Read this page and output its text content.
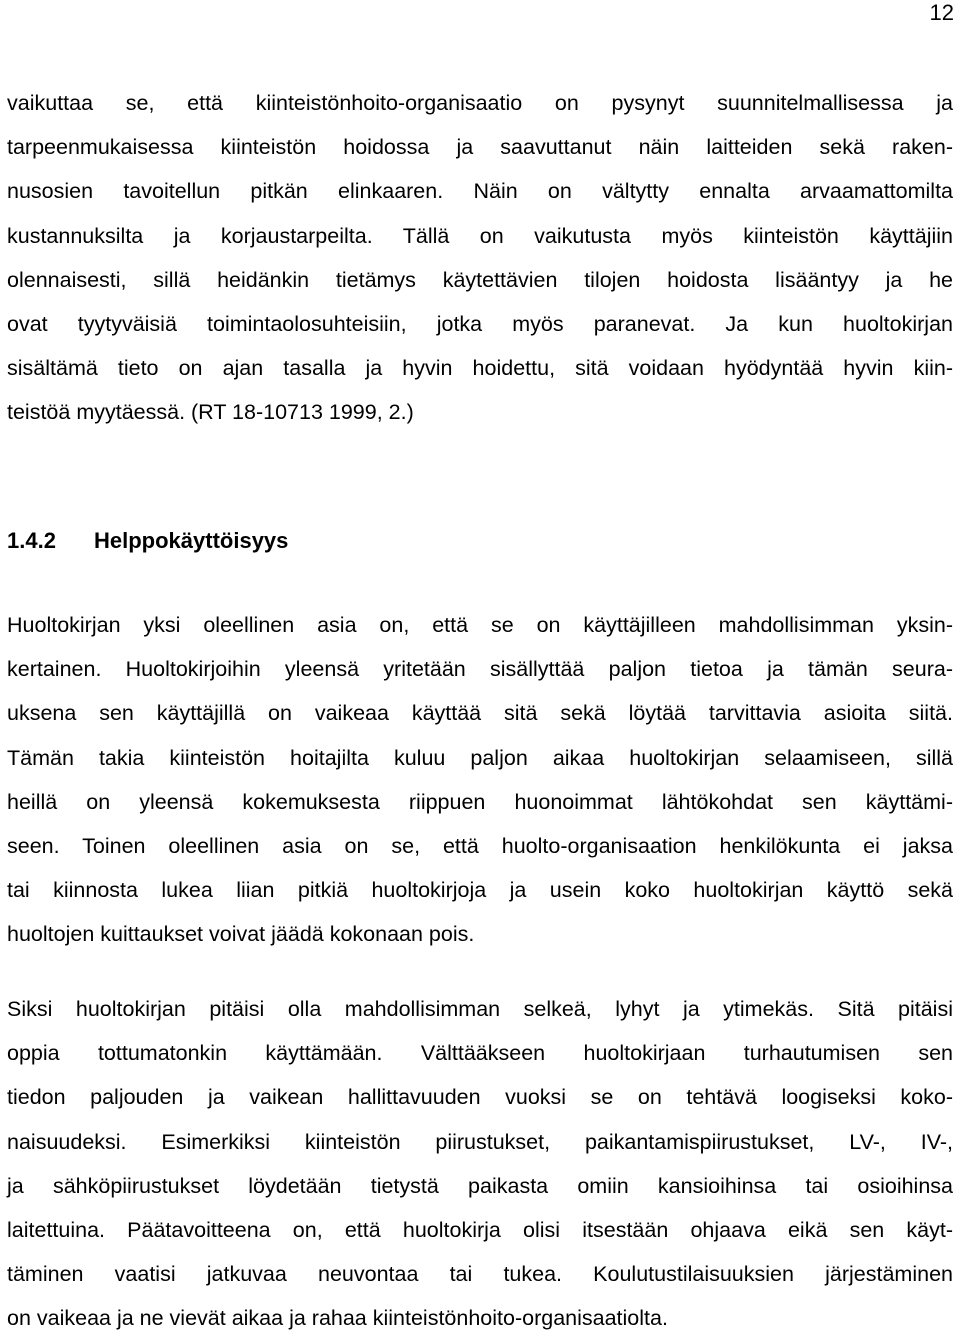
12
vaikuttaa se, että kiinteistönhoito-organisaatio on pysynyt suunnitelmallisessa ja
tarpeenmukaisessa kiinteistön hoidossa ja saavuttanut näin laitteiden sekä raken-
nusosien tavoitellun pitkän elinkaaren. Näin on vältytty ennalta arvaamattomilta
kustannuksilta ja korjaustarpeilta. Tällä on vaikutusta myös kiinteistön käyttäjiin
olennaisesti, sillä heidänkin tietämys käytettävien tilojen hoidosta lisääntyy ja he
ovat tyytyväisiä toimintaolosuhteisiin, jotka myös paranevat. Ja kun huoltokirjan
sisältämä tieto on ajan tasalla ja hyvin hoidettu, sitä voidaan hyödyntää hyvin kiin-
teistöä myytäessä. (RT 18-10713 1999, 2.)
1.4.2 Helppokäyttöisyys
Huoltokirjan yksi oleellinen asia on, että se on käyttäjilleen mahdollisimman yksin-
kertainen. Huoltokirjoihin yleensä yritetään sisällyttää paljon tietoa ja tämän seura-
uksena sen käyttäjillä on vaikeaa käyttää sitä sekä löytää tarvittavia asioita siitä.
Tämän takia kiinteistön hoitajilta kuluu paljon aikaa huoltokirjan selaamiseen, sillä
heillä on yleensä kokemuksesta riippuen huonoimmat lähtökohdat sen käyttämi-
seen. Toinen oleellinen asia on se, että huolto-organisaation henkilökunta ei jaksa
tai kiinnosta lukea liian pitkiä huoltokirjoja ja usein koko huoltokirjan käyttö sekä
huoltojen kuittaukset voivat jäädä kokonaan pois.
Siksi huoltokirjan pitäisi olla mahdollisimman selkeä, lyhyt ja ytimekäs. Sitä pitäisi
oppia tottumatonkin käyttämään. Välttääkseen huoltokirjaan turhautumisen sen
tiedon paljouden ja vaikean hallittavuuden vuoksi se on tehtävä loogiseksi koko-
naisuudeksi. Esimerkiksi kiinteistön piirustukset, paikantamispiirustukset, LV-, IV-,
ja sähköpiirustukset löydetään tietystä paikasta omiin kansioihinsa tai osioihinsa
laitettuina. Päätavoitteena on, että huoltokirja olisi itsestään ohjaava eikä sen käyt-
täminen vaatisi jatkuvaa neuvontaa tai tukea. Koulutustilaisuuksien järjestäminen
on vaikeaa ja ne vievät aikaa ja rahaa kiinteistönhoito-organisaatiolta.
